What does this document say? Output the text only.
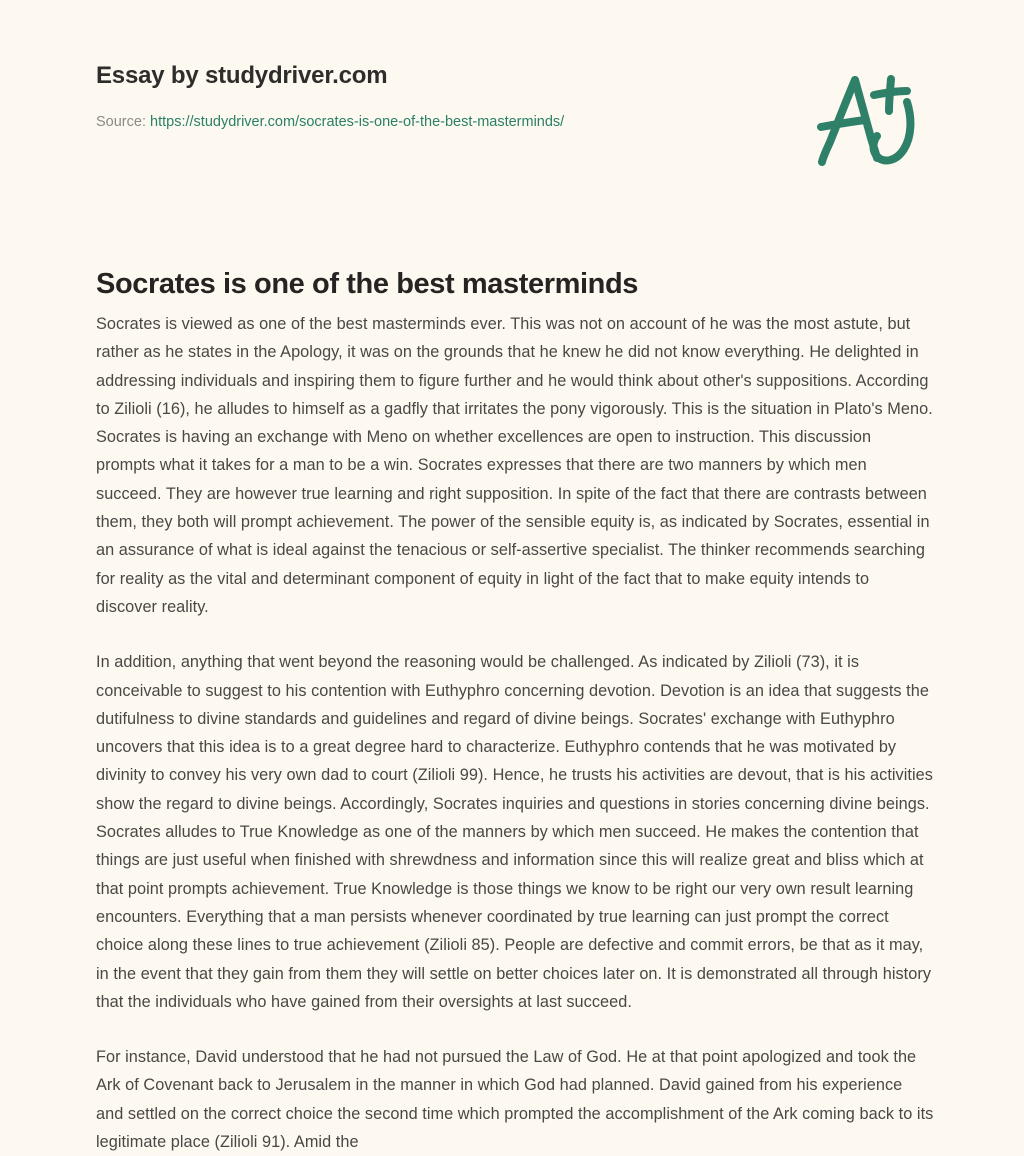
Essay by studydriver.com
Source: https://studydriver.com/socrates-is-one-of-the-best-masterminds/
Socrates is one of the best masterminds

Socrates is viewed as one of the best masterminds ever. This was not on account of he was the most astute, but rather as he states in the Apology, it was on the grounds that he knew he did not know everything. He delighted in addressing individuals and inspiring them to figure further and he would think about other's suppositions. According to Zilioli (16), he alludes to himself as a gadfly that irritates the pony vigorously. This is the situation in Plato's Meno. Socrates is having an exchange with Meno on whether excellences are open to instruction. This discussion prompts what it takes for a man to be a win. Socrates expresses that there are two manners by which men succeed. They are however true learning and right supposition. In spite of the fact that there are contrasts between them, they both will prompt achievement. The power of the sensible equity is, as indicated by Socrates, essential in an assurance of what is ideal against the tenacious or self-assertive specialist. The thinker recommends searching for reality as the vital and determinant component of equity in light of the fact that to make equity intends to discover reality.

In addition, anything that went beyond the reasoning would be challenged. As indicated by Zilioli (73), it is conceivable to suggest to his contention with Euthyphro concerning devotion. Devotion is an idea that suggests the dutifulness to divine standards and guidelines and regard of divine beings. Socrates' exchange with Euthyphro uncovers that this idea is to a great degree hard to characterize. Euthyphro contends that he was motivated by divinity to convey his very own dad to court (Zilioli 99). Hence, he trusts his activities are devout, that is his activities show the regard to divine beings. Accordingly, Socrates inquiries and questions in stories concerning divine beings. Socrates alludes to True Knowledge as one of the manners by which men succeed. He makes the contention that things are just useful when finished with shrewdness and information since this will realize great and bliss which at that point prompts achievement. True Knowledge is those things we know to be right our very own result learning encounters. Everything that a man persists whenever coordinated by true learning can just prompt the correct choice along these lines to true achievement (Zilioli 85). People are defective and commit errors, be that as it may, in the event that they gain from them they will settle on better choices later on. It is demonstrated all through history that the individuals who have gained from their oversights at last succeed.

For instance, David understood that he had not pursued the Law of God. He at that point apologized and took the Ark of Covenant back to Jerusalem in the manner in which God had planned. David gained from his experience and settled on the correct choice the second time which prompted the accomplishment of the Ark coming back to its legitimate place (Zilioli 91). Amid the
